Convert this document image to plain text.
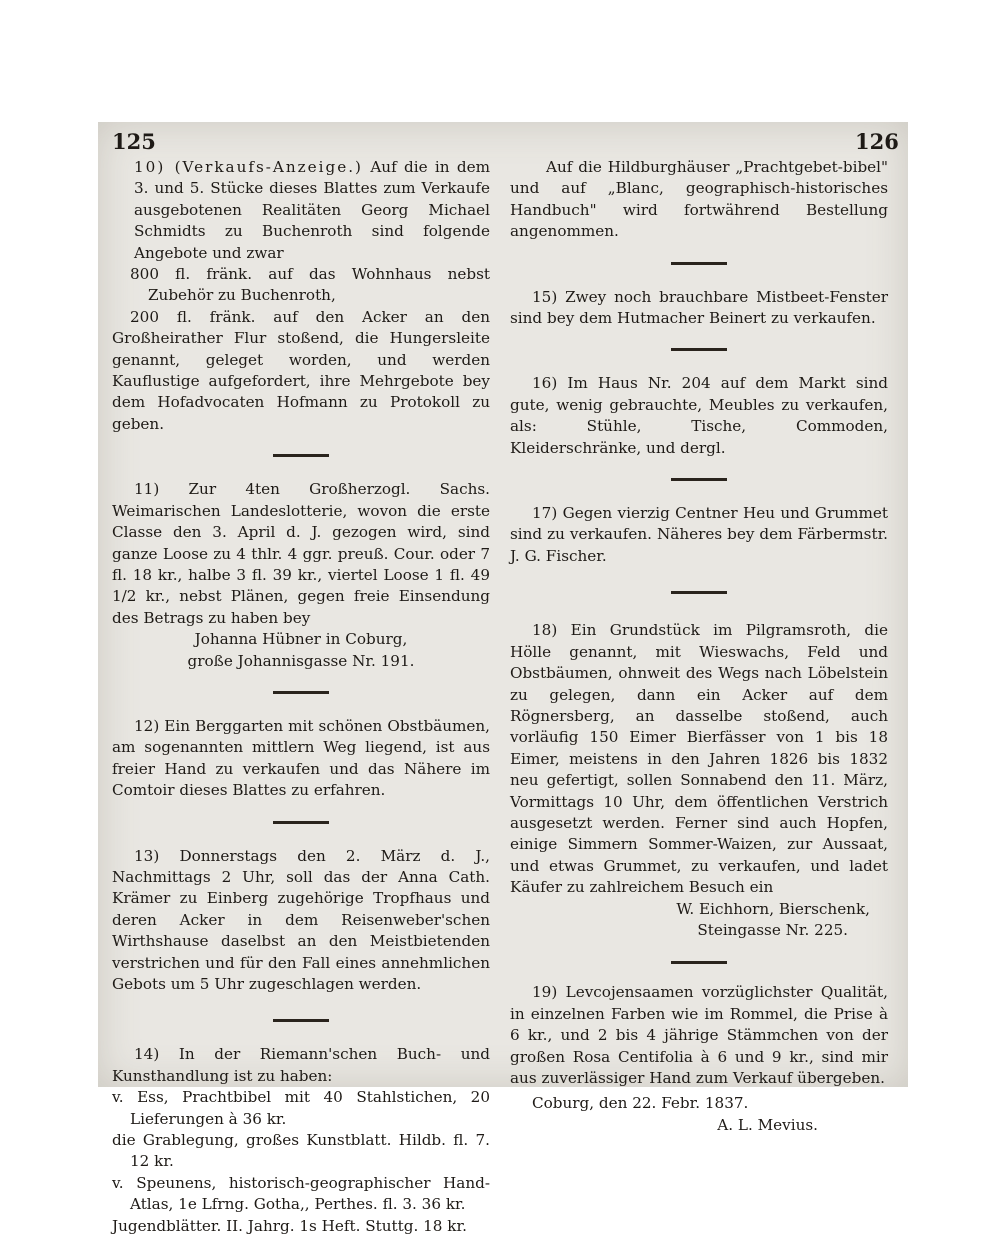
125	126

10) (Verkaufs-Anzeige.) Auf die in dem 3. und 5. Stücke dieses Blattes zum Verkaufe ausgebotenen Realitäten Georg Michael Schmidts zu Buchenroth sind folgende Angebote und zwar

800 fl. fränk. auf das Wohnhaus nebst Zubehör zu Buchenroth,

200 fl. fränk. auf den Acker an den Großheirather Flur stoßend, die Hungersleite genannt, geleget worden, und werden Kauflustige aufgefordert, ihre Mehrgebote bey dem Hofadvocaten Hofmann zu Protokoll zu geben.

11) Zur 4ten Großherzogl. Sachs. Weimarischen Landeslotterie, wovon die erste Classe den 3. April d. J. gezogen wird, sind ganze Loose zu 4 thlr. 4 ggr. preuß. Cour. oder 7 fl. 18 kr., halbe 3 fl. 39 kr., viertel Loose 1 fl. 49 1/2 kr., nebst Plänen, gegen freie Einsendung des Betrags zu haben bey

Johanna Hübner in Coburg,

große Johannisgasse Nr. 191.

12) Ein Berggarten mit schönen Obstbäumen, am sogenannten mittlern Weg liegend, ist aus freier Hand zu verkaufen und das Nähere im Comtoir dieses Blattes zu erfahren.

13) Donnerstags den 2. März d. J., Nachmittags 2 Uhr, soll das der Anna Cath. Krämer zu Einberg zugehörige Tropfhaus und deren Acker in dem Reisenweber'schen Wirthshause daselbst an den Meistbietenden verstrichen und für den Fall eines annehmlichen Gebots um 5 Uhr zugeschlagen werden.

14) In der Riemann'schen Buch- und Kunsthandlung ist zu haben:

v. Ess, Prachtbibel mit 40 Stahlstichen, 20 Lieferungen à 36 kr.

die Grablegung, großes Kunstblatt. Hildb. fl. 7. 12 kr.

v. Speunens, historisch-geographischer Hand-Atlas, 1e Lfrng. Gotha,, Perthes. fl. 3. 36 kr.

Jugendblätter. II. Jahrg. 1s Heft. Stuttg. 18 kr.

Auf die Hildburghäuser „Prachtgebet-bibel" und auf „Blanc, geographisch-historisches Handbuch" wird fortwährend Bestellung angenommen.

15) Zwey noch brauchbare Mistbeet-Fenster sind bey dem Hutmacher Beinert zu verkaufen.

16) Im Haus Nr. 204 auf dem Markt sind gute, wenig gebrauchte, Meubles zu verkaufen, als: Stühle, Tische, Commoden, Kleiderschränke, und dergl.

17) Gegen vierzig Centner Heu und Grummet sind zu verkaufen. Näheres bey dem Färbermstr. J. G. Fischer.

18) Ein Grundstück im Pilgramsroth, die Hölle genannt, mit Wieswachs, Feld und Obstbäumen, ohnweit des Wegs nach Löbelstein zu gelegen, dann ein Acker auf dem Rögnersberg, an dasselbe stoßend, auch vorläufig 150 Eimer Bierfässer von 1 bis 18 Eimer, meistens in den Jahren 1826 bis 1832 neu gefertigt, sollen Sonnabend den 11. März, Vormittags 10 Uhr, dem öffentlichen Verstrich ausgesetzt werden. Ferner sind auch Hopfen, einige Simmern Sommer-Waizen, zur Aussaat, und etwas Grummet, zu verkaufen, und ladet Käufer zu zahlreichem Besuch ein

W. Eichhorn, Bierschenk,

Steingasse Nr. 225.

19) Levcojensaamen vorzüglichster Qualität, in einzelnen Farben wie im Rommel, die Prise à 6 kr., und 2 bis 4 jährige Stämmchen von der großen Rosa Centifolia à 6 und 9 kr., sind mir aus zuverlässiger Hand zum Verkauf übergeben.

Coburg, den 22. Febr. 1837.

A. L. Mevius.
